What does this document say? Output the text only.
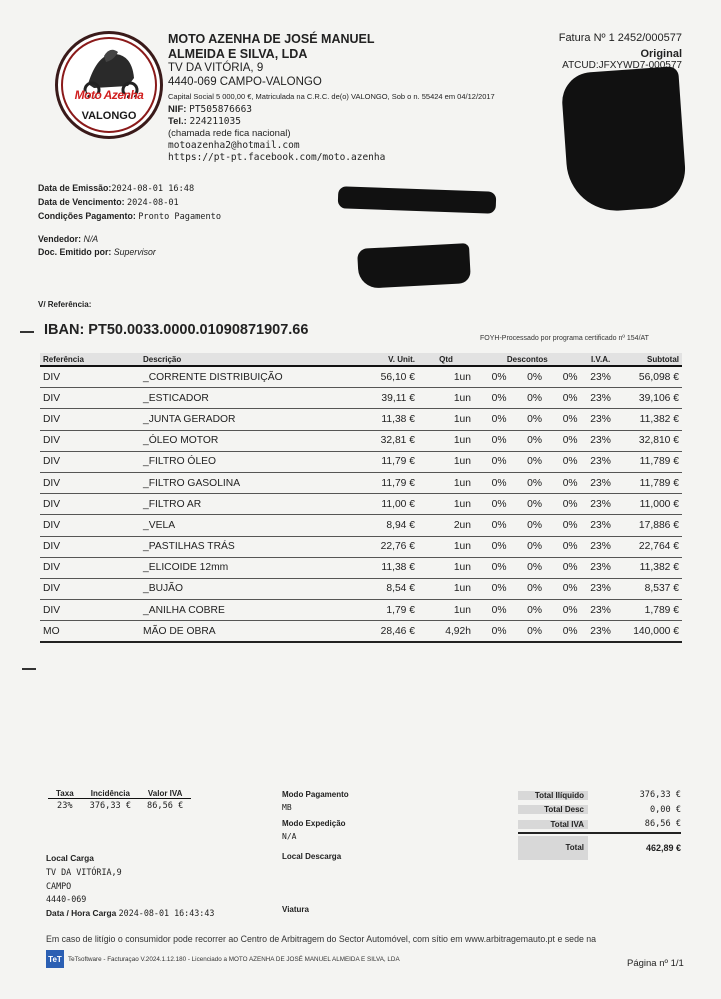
Moto Azenha
VALONGO
MOTO AZENHA DE JOSÉ MANUEL
ALMEIDA E SILVA, LDA
TV DA VITÓRIA, 9
4440-069 CAMPO-VALONGO
Capital Social 5 000,00 €, Matriculada na C.R.C. de(o) VALONGO, Sob o n. 55424 em 04/12/2017
NIF: PT505876663
Tel.: 224211035
(chamada rede fica nacional)
motoazenha2@hotmail.com
https://pt-pt.facebook.com/moto.azenha
Fatura Nº 1 2452/000577
Original
ATCUD:JFXYWD7-000577
Data de Emissão:2024-08-01 16:48
Data de Vencimento: 2024-08-01
Condições Pagamento: Pronto Pagamento
Vendedor: N/A
Doc. Emitido por: Supervisor
V/ Referência:
IBAN: PT50.0033.0000.01090871907.66
FOYH-Processado por programa certificado nº 154/AT
Referência	Descrição	V. Unit.	Qtd	Descontos			I.V.A.	Subtotal
DIV	_CORRENTE DISTRIBUIÇÃO	56,10 €	1un	0%	0%	0%	23%	56,098 €
DIV	_ESTICADOR	39,11 €	1un	0%	0%	0%	23%	39,106 €
DIV	_JUNTA GERADOR	11,38 €	1un	0%	0%	0%	23%	11,382 €
DIV	_ÓLEO MOTOR	32,81 €	1un	0%	0%	0%	23%	32,810 €
DIV	_FILTRO ÓLEO	11,79 €	1un	0%	0%	0%	23%	11,789 €
DIV	_FILTRO GASOLINA	11,79 €	1un	0%	0%	0%	23%	11,789 €
DIV	_FILTRO AR	11,00 €	1un	0%	0%	0%	23%	11,000 €
DIV	_VELA	8,94 €	2un	0%	0%	0%	23%	17,886 €
DIV	_PASTILHAS TRÁS	22,76 €	1un	0%	0%	0%	23%	22,764 €
DIV	_ELICOIDE 12mm	11,38 €	1un	0%	0%	0%	23%	11,382 €
DIV	_BUJÃO	8,54 €	1un	0%	0%	0%	23%	8,537 €
DIV	_ANILHA COBRE	1,79 €	1un	0%	0%	0%	23%	1,789 €
MO	MÃO DE OBRA	28,46 €	4,92h	0%	0%	0%	23%	140,000 €
Taxa	Incidência	Valor IVA
23%	376,33 €	86,56 €
Modo Pagamento
MB
Modo Expedição
N/A
Local Descarga
Viatura
Total Ilíquido	376,33 €
Total Desc	0,00 €
Total IVA	86,56 €
Total	462,89 €
Local Carga
TV DA VITÓRIA,9
CAMPO
4440-069
Data / Hora Carga 2024-08-01 16:43:43
Em caso de litígio o consumidor pode recorrer ao Centro de Arbitragem do Sector Automóvel, com sítio em www.arbitragemauto.pt e sede na
TeT TeTsoftware - Facturaçao V.2024.1.12.180 - Licenciado a MOTO AZENHA DE JOSÉ MANUEL ALMEIDA E SILVA, LDA	Página nº 1/1
